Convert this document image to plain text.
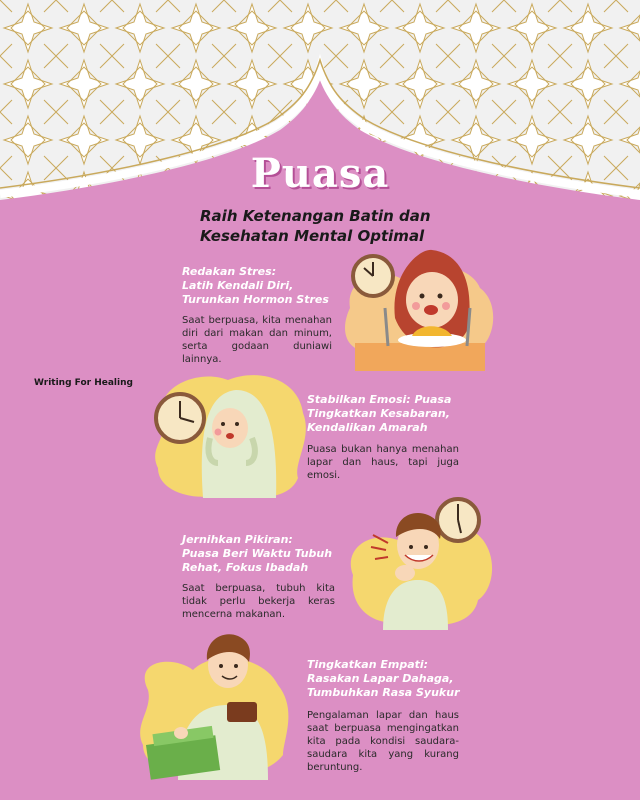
Puasa
Raih Ketenangan Batin dan
Kesehatan Mental Optimal
Writing For Healing
Redakan Stres:
Latih Kendali Diri,
Turunkan Hormon Stres
Saat berpuasa, kita menahan diri dari makan dan minum, serta godaan duniawi lainnya.
Stabilkan Emosi: Puasa
Tingkatkan Kesabaran,
Kendalikan Amarah
Puasa bukan hanya menahan lapar dan haus, tapi juga emosi.
Jernihkan Pikiran:
Puasa Beri Waktu Tubuh
Rehat, Fokus Ibadah
Saat berpuasa, tubuh kita tidak perlu bekerja keras mencerna makanan.
Tingkatkan Empati:
Rasakan Lapar Dahaga,
Tumbuhkan Rasa Syukur
Pengalaman lapar dan haus saat berpuasa mengingatkan kita pada kondisi saudara-saudara kita yang kurang beruntung.
